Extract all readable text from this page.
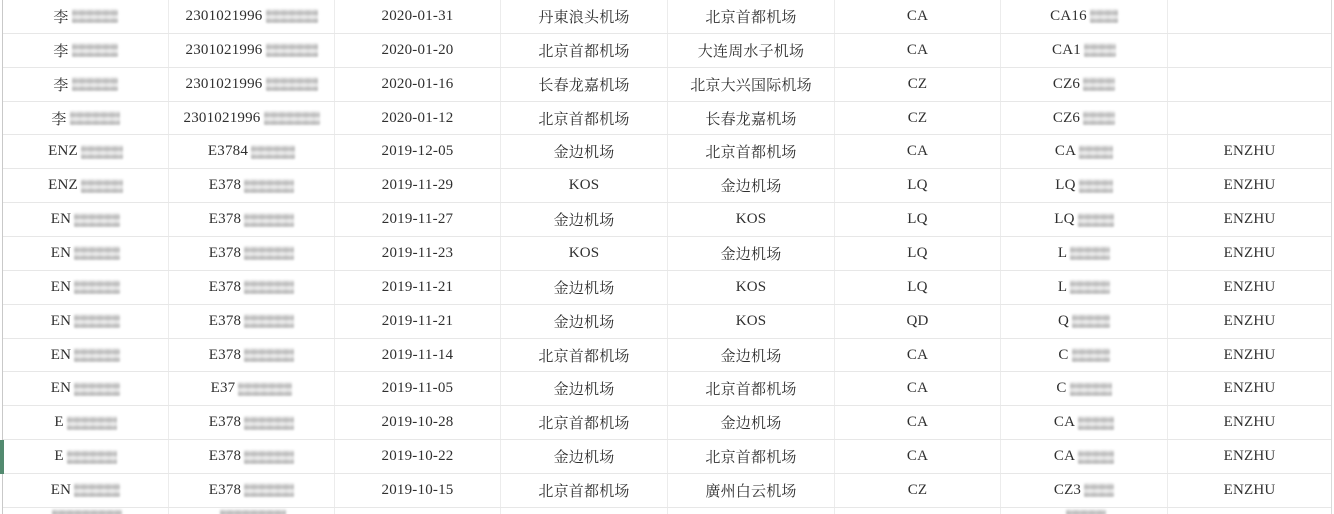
李	2301021996	2020-01-31	丹東浪头机场	北京首都机场	CA	CA16
李	2301021996	2020-01-20	北京首都机场	大连周水子机场	CA	CA1
李	2301021996	2020-01-16	长春龙嘉机场	北京大兴国际机场	CZ	CZ6
李	2301021996	2020-01-12	北京首都机场	长春龙嘉机场	CZ	CZ6
ENZ	E3784	2019-12-05	金边机场	北京首都机场	CA	CA	ENZHU
ENZ	E378	2019-11-29	KOS	金边机场	LQ	LQ	ENZHU
EN	E378	2019-11-27	金边机场	KOS	LQ	LQ	ENZHU
EN	E378	2019-11-23	KOS	金边机场	LQ	L	ENZHU
EN	E378	2019-11-21	金边机场	KOS	LQ	L	ENZHU
EN	E378	2019-11-21	金边机场	KOS	QD	Q	ENZHU
EN	E378	2019-11-14	北京首都机场	金边机场	CA	C	ENZHU
EN	E37	2019-11-05	金边机场	北京首都机场	CA	C	ENZHU
E	E378	2019-10-28	北京首都机场	金边机场	CA	CA	ENZHU
E	E378	2019-10-22	金边机场	北京首都机场	CA	CA	ENZHU
EN	E378	2019-10-15	北京首都机场	廣州白云机场	CZ	CZ3	ENZHU
